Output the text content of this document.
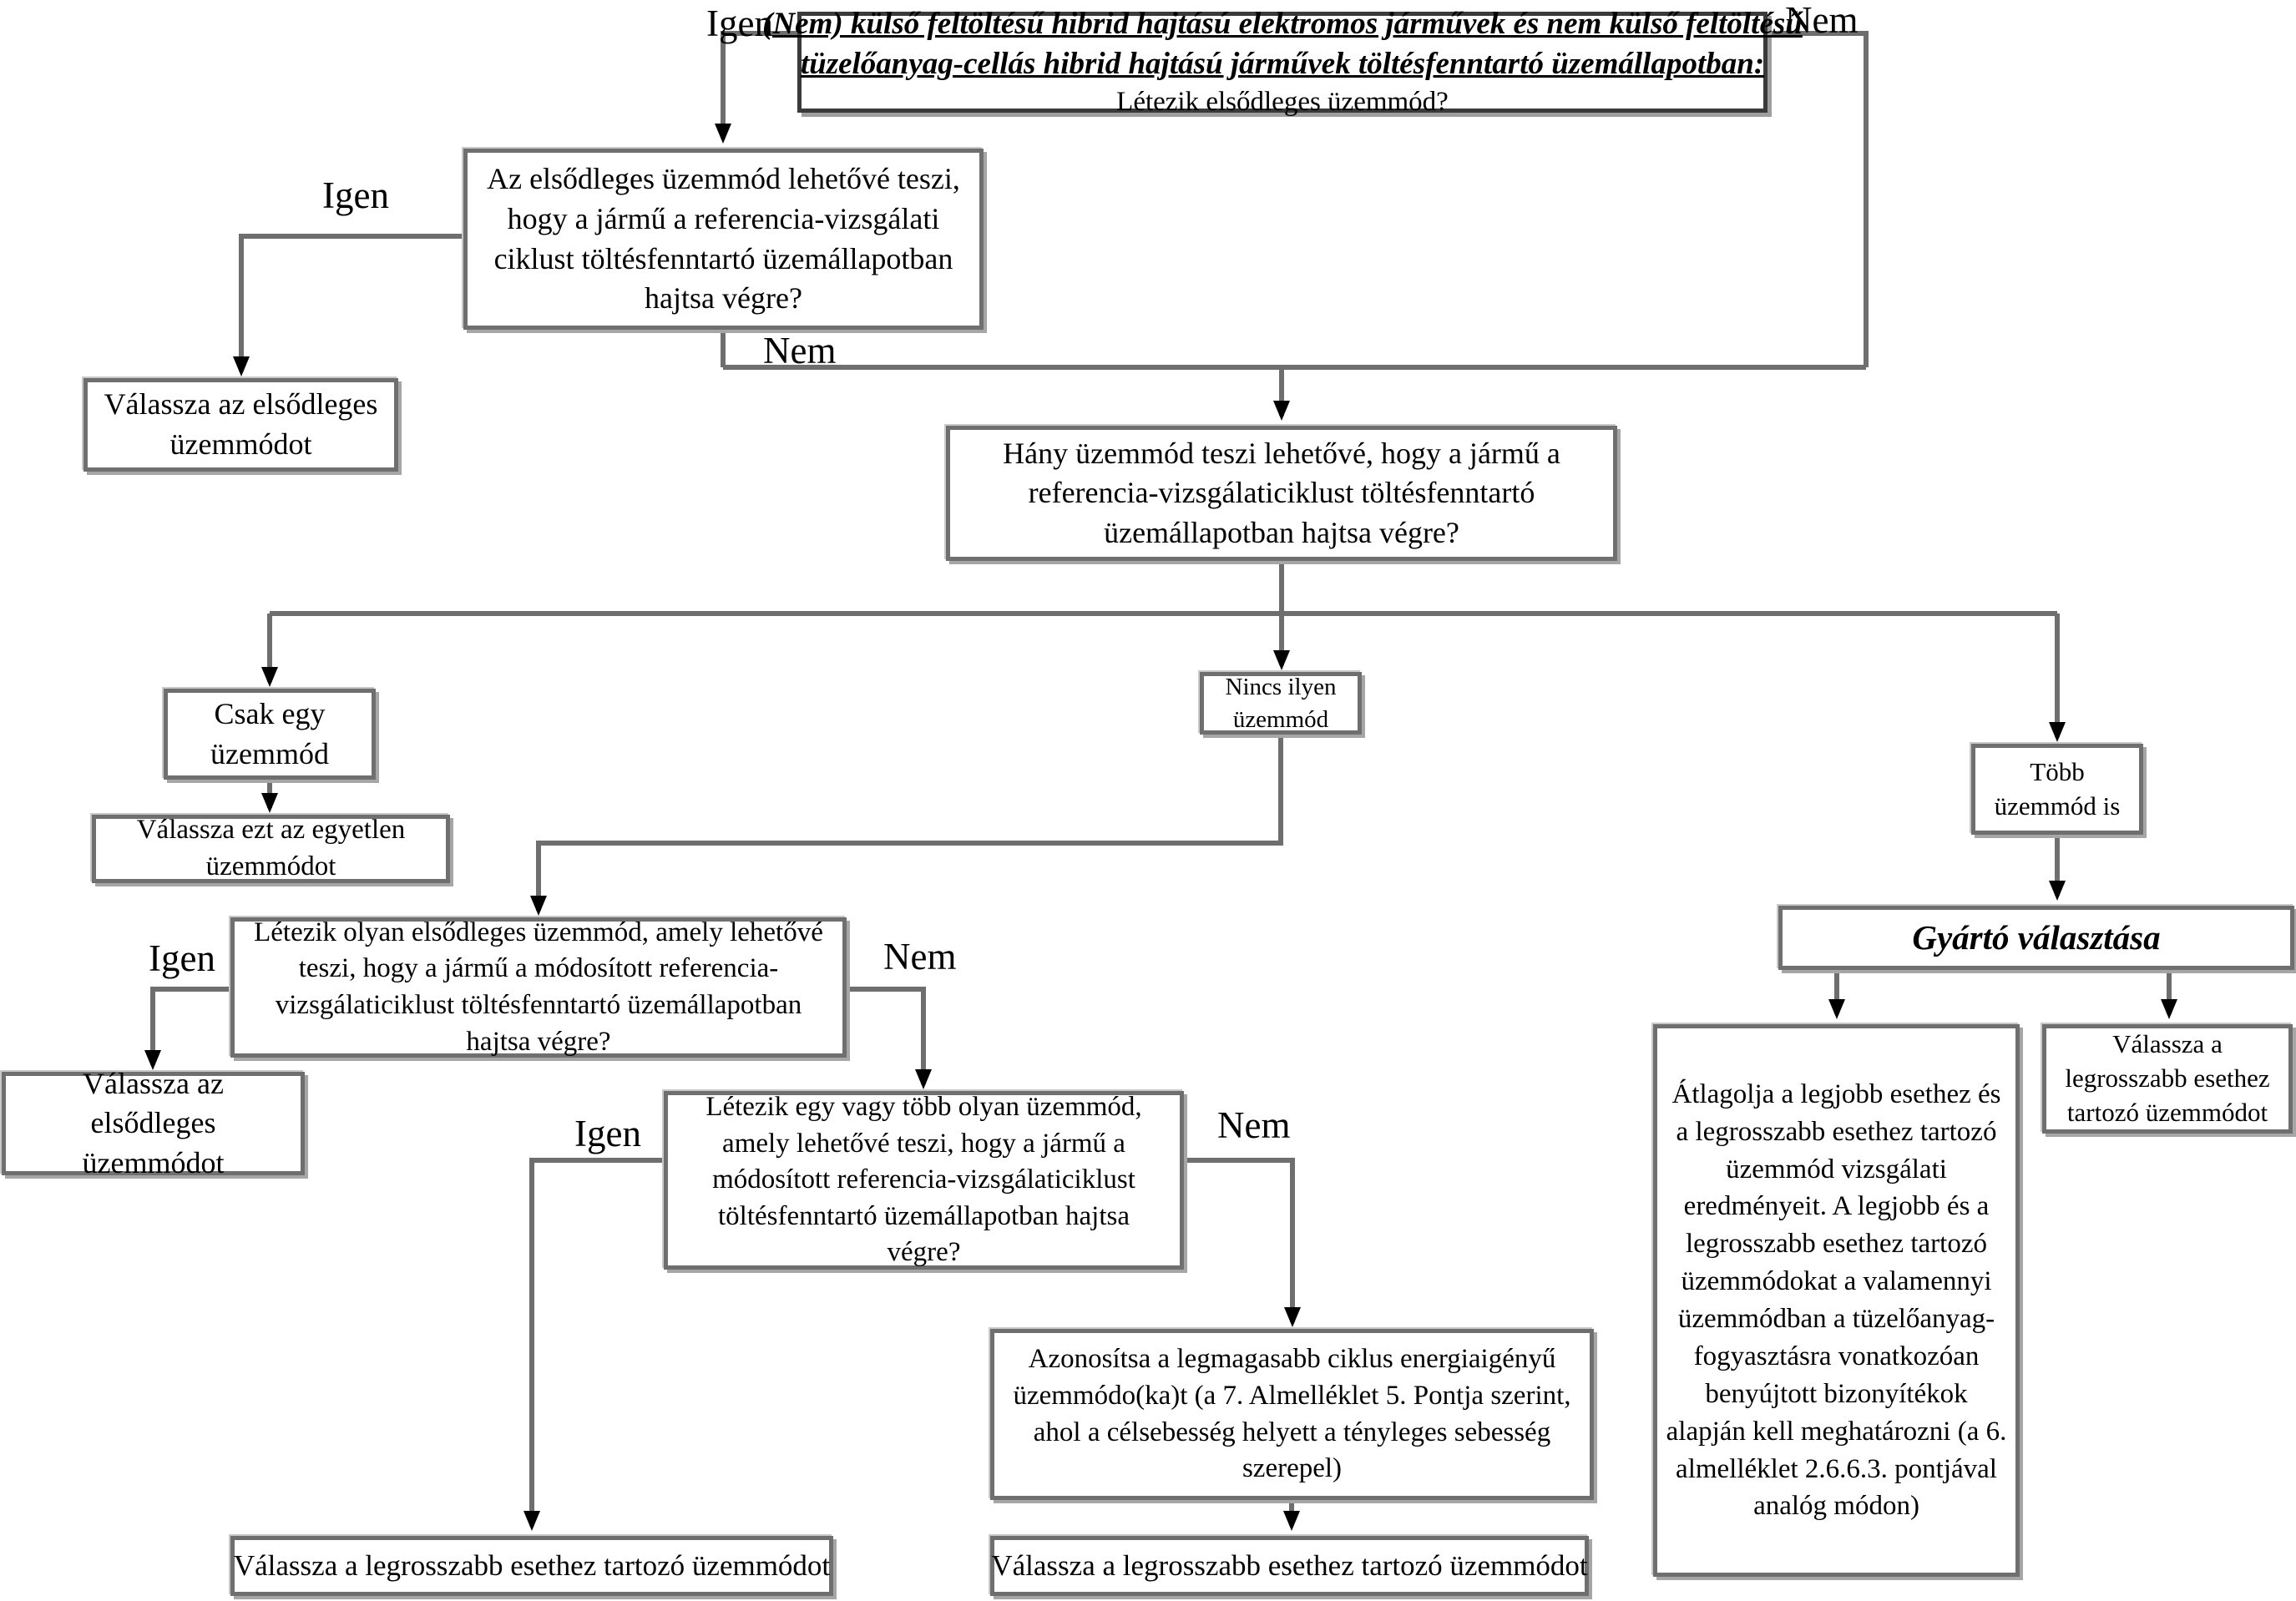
Igen	Nem
Igen
Nem
Igen	Nem
Igen	Nem
(Nem) külső feltöltésű hibrid hajtású elektromos járművek és nem külső feltöltésű
tüzelőanyag-cellás hibrid hajtású járművek töltésfenntartó üzemállapotban:
Létezik elsődleges üzemmód?
Az elsődleges üzemmód lehetővé teszi, hogy a jármű a referencia-vizsgálati ciklust töltésfenntartó üzemállapotban hajtsa végre?
Válassza az elsődleges üzemmódot	Hány üzemmód teszi lehetővé, hogy a jármű a referencia-vizsgálaticiklust töltésfenntartó üzemállapotban hajtsa végre?
Csak egy üzemmód
Válassza ezt az egyetlen üzemmódot
Nincs ilyen üzemmód
Több üzemmód is
Gyártó választása
Létezik olyan elsődleges üzemmód, amely lehetővé teszi, hogy a jármű a módosított referencia-vizsgálaticiklust töltésfenntartó üzemállapotban hajtsa végre?
Válassza az elsődleges üzemmódot
Létezik egy vagy több olyan üzemmód, amely lehetővé teszi, hogy a jármű a módosított referencia-vizsgálaticiklust töltésfenntartó üzemállapotban hajtsa végre?
Azonosítsa a legmagasabb ciklus energiaigényű üzemmódo(ka)t (a 7. Almelléklet 5. Pontja szerint, ahol a célsebesség helyett a tényleges sebesség szerepel)
Átlagolja a legjobb esethez és a legrosszabb esethez tartozó üzemmód vizsgálati eredményeit. A legjobb és a legrosszabb esethez tartozó üzemmódokat a valamennyi üzemmódban a tüzelőanyag-fogyasztásra vonatkozóan benyújtott bizonyítékok alapján kell meghatározni (a 6. almelléklet 2.6.6.3. pontjával analóg módon)
Válassza a legrosszabb esethez tartozó üzemmódot
Válassza a legrosszabb esethez tartozó üzemmódot	Válassza a legrosszabb esethez tartozó üzemmódot
